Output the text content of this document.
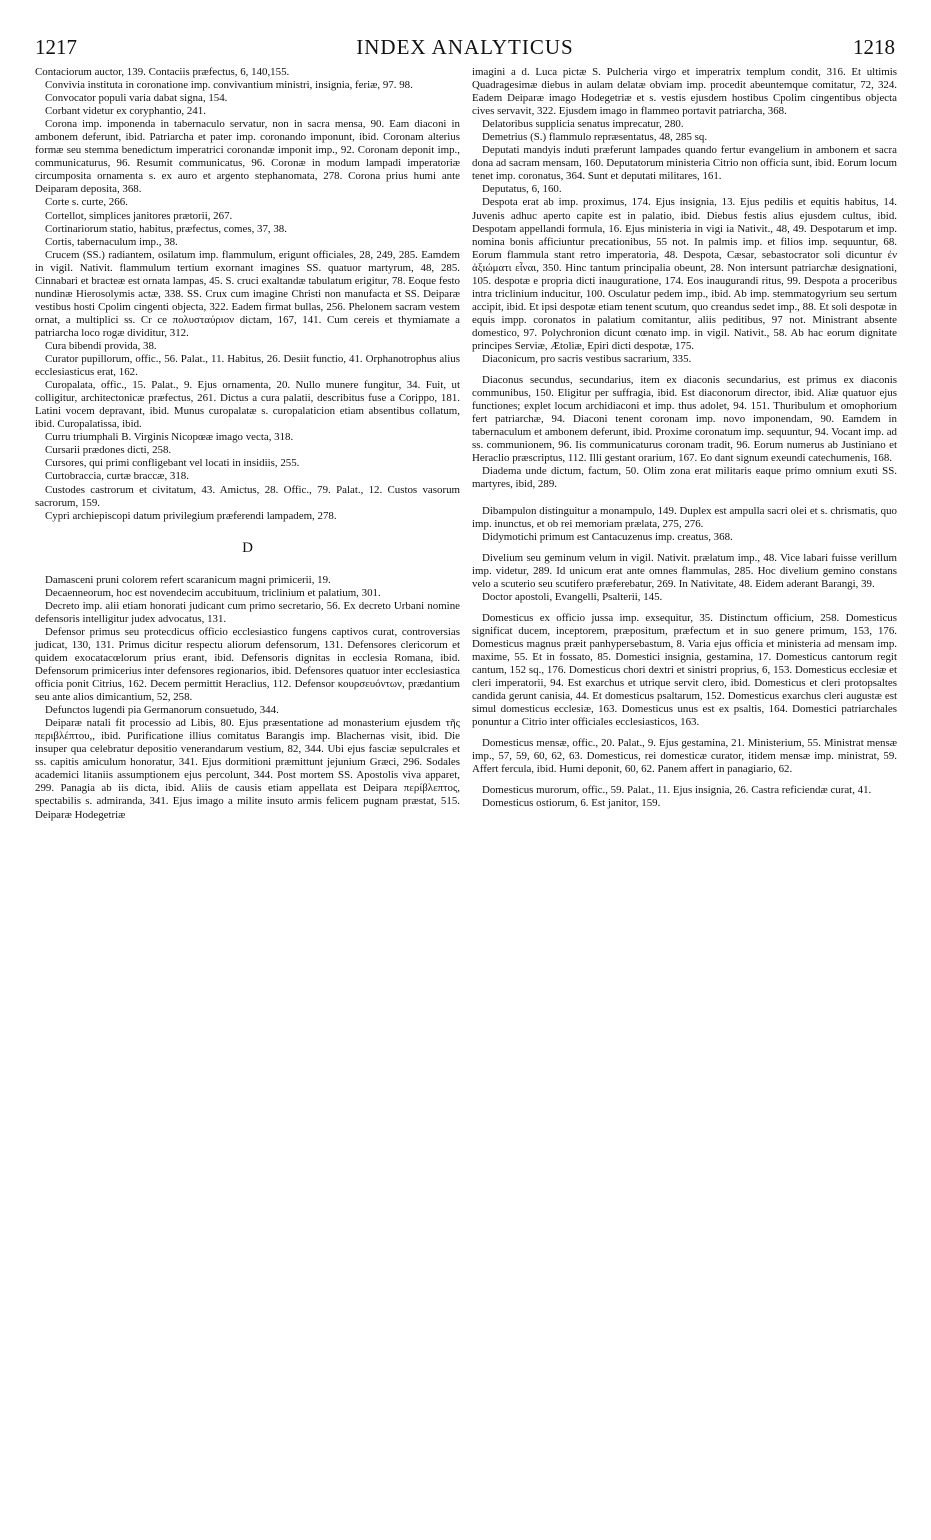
1217	INDEX ANALYTICUS	1218

Contaciorum auctor, 139. Contaciis præfectus, 6, 140,155.

Convivia instituta in coronatione imp. convivantium ministri, insignia, feriæ, 97. 98.

Convocator populi varia dabat signa, 154.

Corbant videtur ex coryphantio, 241.

Corona imp. imponenda in tabernaculo servatur, non in sacra mensa, 90. Eam diaconi in ambonem deferunt, ibid. Patriarcha et pater imp. coronando imponunt, ibid. Coronam alterius formæ seu stemma benedictum imperatrici coronandæ imponit imp., 92. Coronam deponit imp., communicaturus, 96. Resumit communicatus, 96. Coronæ in modum lampadi imperatoriæ circumposita ornamenta s. ex auro et argento stephanomata, 278. Corona prius humi ante Deiparam deposita, 368.

Corte s. curte, 266.

Cortellot, simplices janitores prætorii, 267.

Cortinariorum statio, habitus, præfectus, comes, 37, 38.

Cortis, tabernaculum imp., 38.

Crucem (SS.) radiantem, osilatum imp. flammulum, erigunt officiales, 28, 249, 285. Eamdem in vigil. Nativit. flammulum tertium exornant imagines SS. quatuor martyrum, 48, 285. Cinnabari et bracteæ est ornata lampas, 45. S. cruci exaltandæ tabulatum erigitur, 78. Eoque festo nundinæ Hierosolymis actæ, 338. SS. Crux cum imagine Christi non manufacta et SS. Deiparæ vestibus hosti Cpolim cingenti objecta, 322. Eadem firmat bullas, 256. Phelonem sacram vestem ornat, a multiplici ss. Cr ce πολυσταύριον dictam, 167, 141. Cum cereis et thymiamate a patriarcha loco rogæ dividitur, 312.

Cura bibendi provida, 38.

Curator pupillorum, offic., 56. Palat., 11. Habitus, 26. Desiit functio, 41. Orphanotrophus alius ecclesiasticus erat, 162.

Curopalata, offic., 15. Palat., 9. Ejus ornamenta, 20. Nullo munere fungitur, 34. Fuit, ut colligitur, architectonicæ præfectus, 261. Dictus a cura palatii, describitus fuse a Corippo, 181. Latini vocem depravant, ibid. Munus curopalatæ s. curopalaticion etiam absentibus collatum, ibid. Curopalatissa, ibid.

Curru triumphali B. Virginis Nicopœæ imago vecta, 318.

Cursarii prædones dicti, 258.

Cursores, qui primi confligebant vel locati in insidiis, 255.

Curtobraccia, curtæ braccæ, 318.

Custodes castrorum et civitatum, 43. Amictus, 28. Offic., 79. Palat., 12. Custos vasorum sacrorum, 159.

Cypri archiepiscopi datum privilegium præferendi lampadem, 278.

D

Damasceni pruni colorem refert scaranicum magni primicerii, 19.

Decaenneorum, hoc est novendecim accubituum, triclinium et palatium, 301.

Decreto imp. alii etiam honorati judicant cum primo secretario, 56. Ex decreto Urbani nomine defensoris intelligitur judex advocatus, 131.

Defensor primus seu protecdicus officio ecclesiastico fungens captivos curat, controversias judicat, 130, 131. Primus dicitur respectu aliorum defensorum, 131. Defensores clericorum et quidem exocatacœlorum prius erant, ibid. Defensoris dignitas in ecclesia Romana, ibid. Defensorum primicerius inter defensores regionarios, ibid. Defensores quatuor inter ecclesiastica officia ponit Citrius, 162. Decem permittit Heraclius, 112. Defensor κουρσευόντων, prædantium seu ante alios dimicantium, 52, 258.

Defunctos lugendi pia Germanorum consuetudo, 344.

Deiparæ natali fit processio ad Libis, 80. Ejus præsentatione ad monasterium ejusdem τῆς περιβλέπτου,, ibid. Purificatione illius comitatus Barangis imp. Blachernas visit, ibid. Die insuper qua celebratur depositio venerandarum vestium, 82, 344. Ubi ejus fasciæ sepulcrales et ss. capitis amiculum honoratur, 341. Ejus dormitioni præmittunt jejunium Græci, 296. Sodales academici litaniis assumptionem ejus percolunt, 344. Post mortem SS. Apostolis viva apparet, 299. Panagia ab iis dicta, ibid. Aliis de causis etiam appellata est Deipara περίβλεπτος, spectabilis s. admiranda, 341. Ejus imago a milite insuto armis felicem pugnam præstat, 515. Deiparæ Hodegetriæ

imagini a d. Luca pictæ S. Pulcheria virgo et imperatrix templum condit, 316. Et ultimis Quadragesimæ diebus in aulam delatæ obviam imp. procedit abeuntemque comitatur, 72, 324. Eadem Deiparæ imago Hodegetriæ et s. vestis ejusdem hostibus Cpolim cingentibus objecta cives servavit, 322. Ejusdem imago in flammeo portavit patriarcha, 368.

Delatoribus supplicia senatus imprecatur, 280.

Demetrius (S.) flammulo repræsentatus, 48, 285 sq.

Deputati mandyis induti præferunt lampades quando fertur evangelium in ambonem et sacra dona ad sacram mensam, 160. Deputatorum ministeria Citrio non officia sunt, ibid. Eorum locum tenet imp. coronatus, 364. Sunt et deputati militares, 161.

Deputatus, 6, 160.

Despota erat ab imp. proximus, 174. Ejus insignia, 13. Ejus pedilis et equitis habitus, 14. Juvenis adhuc aperto capite est in palatio, ibid. Diebus festis alius ejusdem cultus, ibid. Despotam appellandi formula, 16. Ejus ministeria in vigi ia Nativit., 48, 49. Despotarum et imp. nomina bonis afficiuntur precationibus, 55 not. In palmis imp. et filios imp. sequuntur, 68. Eorum flammula stant retro imperatoria, 48. Despota, Cæsar, sebastocrator soli dicuntur ἐν ἀξιώματι εἶναι, 350. Hinc tantum principalia obeunt, 28. Non intersunt patriarchæ designationi, 105. despotæ e propria dicti inauguratione, 174. Eos inaugurandi ritus, 99. Despota a proceribus intra triclinium inducitur, 100. Osculatur pedem imp., ibid. Ab imp. stemmatogyrium seu sertum accipit, ibid. Et ipsi despotæ etiam tenent scutum, quo creandus sedet imp., 88. Et soli despotæ in equis impp. coronatos in palatium comitantur, aliis peditibus, 97 not. Ministrant absente domestico, 97. Polychronion dicunt cœnato imp. in vigil. Nativit., 58. Ab hac eorum dignitate principes Serviæ, Ætoliæ, Epiri dicti despotæ, 175.

Diaconicum, pro sacris vestibus sacrarium, 335.

Diaconus secundus, secundarius, item ex diaconis secundarius, est primus ex diaconis communibus, 150. Eligitur per suffragia, ibid. Est diaconorum director, ibid. Aliæ quatuor ejus functiones; explet locum archidiaconi et imp. thus adolet, 94. 151. Thuribulum et omophorium fert patriarchæ, 94. Diaconi tenent coronam imp. novo imponendam, 90. Eamdem in tabernaculum et ambonem deferunt, ibid. Proxime coronatum imp. sequuntur, 94. Vocant imp. ad ss. communionem, 96. Iis communicaturus coronam tradit, 96. Eorum numerus ab Justiniano et Heraclio præscriptus, 112. Illi gestant orarium, 167. Eo dant signum exeundi catechumenis, 168.

Diadema unde dictum, factum, 50. Olim zona erat militaris eaque primo omnium exuti SS. martyres, ibid, 289.

Dibampulon distinguitur a monampulo, 149. Duplex est ampulla sacri olei et s. chrismatis, quo imp. inunctus, et ob rei memoriam prælata, 275, 276.

Didymotichi primum est Cantacuzenus imp. creatus, 368.

Divelium seu geminum velum in vigil. Nativit. prælatum imp., 48. Vice labari fuisse verillum imp. videtur, 289. Id unicum erat ante omnes flammulas, 285. Hoc divelium gemino constans velo a scuterio seu scutifero præferebatur, 269. In Nativitate, 48. Eidem aderant Barangi, 39.

Doctor apostoli, Evangelli, Psalterii, 145.

Domesticus ex officio jussa imp. exsequitur, 35. Distinctum officium, 258. Domesticus significat ducem, inceptorem, præpositum, præfectum et in suo genere primum, 153, 176. Domesticus magnus præit panhypersebastum, 8. Varia ejus officia et ministeria ad mensam imp. maxime, 55. Et in fossato, 85. Domestici insignia, gestamina, 17. Domesticus cantorum regit cantum, 152 sq., 176. Domesticus chori dextri et sinistri proprius, 6, 153. Domesticus ecclesiæ et cleri imperatorii, 94. Est exarchus et utrique servit clero, ibid. Domesticus et cleri protopsaltes candida gerunt canisia, 44. Et domesticus psaltarum, 152. Domesticus exarchus cleri augustæ est simul domesticus ecclesiæ, 163. Domesticus unus est ex psaltis, 164. Domestici patriarchales ponuntur a Citrio inter officiales ecclesiasticos, 163.

Domesticus mensæ, offic., 20. Palat., 9. Ejus gestamina, 21. Ministerium, 55. Ministrat mensæ imp., 57, 59, 60, 62, 63. Domesticus, rei domesticæ curator, itidem mensæ imp. ministrat, 59. Affert fercula, ibid. Humi deponit, 60, 62. Panem affert in panagiario, 62.

Domesticus murorum, offic., 59. Palat., 11. Ejus insignia, 26. Castra reficiendæ curat, 41.

Domesticus ostiorum, 6. Est janitor, 159.
